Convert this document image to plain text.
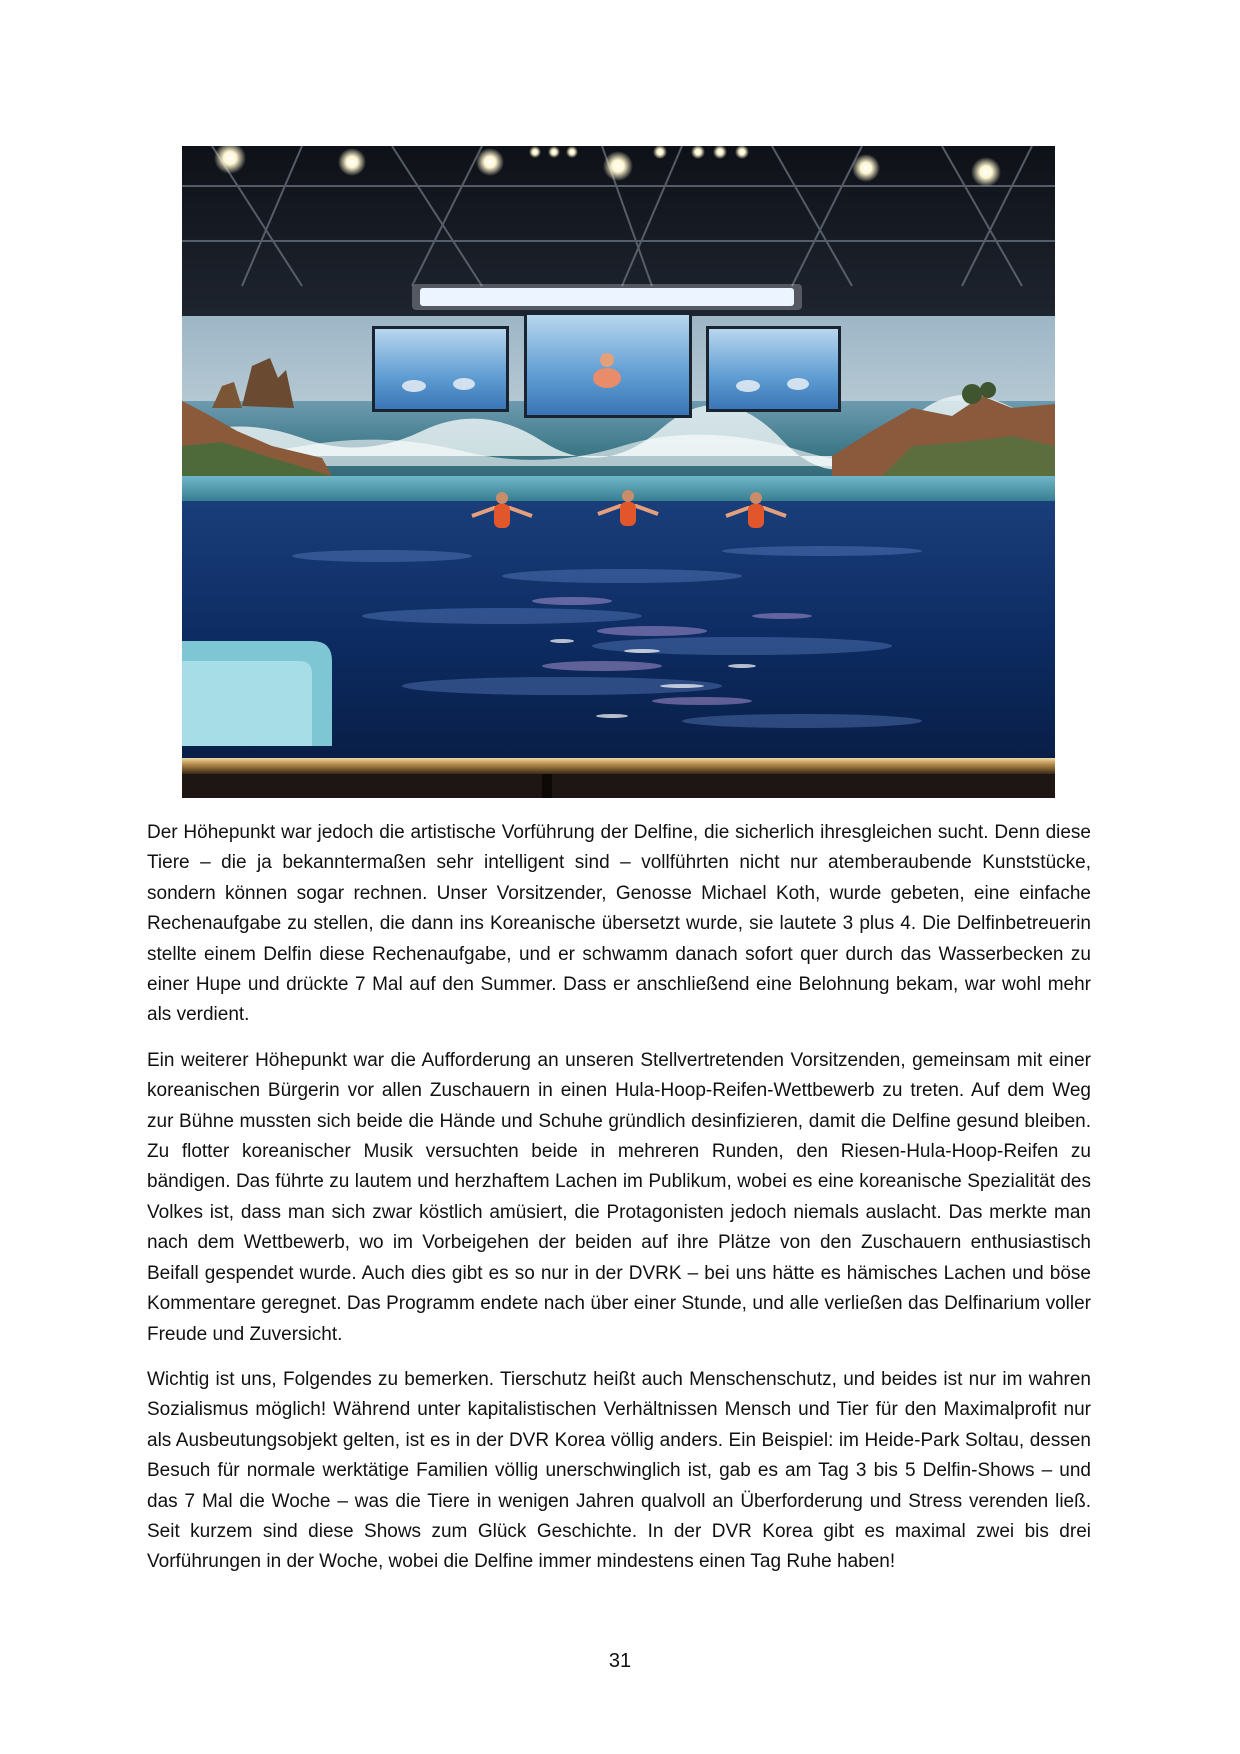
Der Höhepunkt war jedoch die artistische Vorführung der Delfine, die sicherlich ihresgleichen sucht. Denn diese Tiere – die ja bekanntermaßen sehr intelligent sind – vollführten nicht nur atemberaubende Kunststücke, sondern können sogar rechnen. Unser Vorsitzender, Genosse Michael Koth, wurde gebeten, eine einfache Rechenaufgabe zu stellen, die dann ins Koreanische übersetzt wurde, sie lautete 3 plus 4. Die Delfinbetreuerin stellte einem Delfin diese Rechenaufgabe, und er schwamm danach sofort quer durch das Wasserbecken zu einer Hupe und drückte 7 Mal auf den Summer. Dass er anschließend eine Belohnung bekam, war wohl mehr als verdient.

Ein weiterer Höhepunkt war die Aufforderung an unseren Stellvertretenden Vorsitzenden, gemeinsam mit einer koreanischen Bürgerin vor allen Zuschauern in einen Hula-Hoop-Reifen-Wettbewerb zu treten. Auf dem Weg zur Bühne mussten sich beide die Hände und Schuhe gründlich desinfizieren, damit die Delfine gesund bleiben. Zu flotter koreanischer Musik versuchten beide in mehreren Runden, den Riesen-Hula-Hoop-Reifen zu bändigen. Das führte zu lautem und herzhaftem Lachen im Publikum, wobei es eine koreanische Spezialität des Volkes ist, dass man sich zwar köstlich amüsiert, die Protagonisten jedoch niemals auslacht. Das merkte man nach dem Wettbewerb, wo im Vorbeigehen der beiden auf ihre Plätze von den Zuschauern enthusiastisch Beifall gespendet wurde. Auch dies gibt es so nur in der DVRK – bei uns hätte es hämisches Lachen und böse Kommentare geregnet. Das Programm endete nach über einer Stunde, und alle verließen das Delfinarium voller Freude und Zuversicht.

Wichtig ist uns, Folgendes zu bemerken. Tierschutz heißt auch Menschenschutz, und beides ist nur im wahren Sozialismus möglich! Während unter kapitalistischen Verhältnissen Mensch und Tier für den Maximalprofit nur als Ausbeutungsobjekt gelten, ist es in der DVR Korea völlig anders. Ein Beispiel: im Heide-Park Soltau, dessen Besuch für normale werktätige Familien völlig unerschwinglich ist, gab es am Tag 3 bis 5 Delfin-Shows – und das 7 Mal die Woche – was die Tiere in wenigen Jahren qualvoll an Überforderung und Stress verenden ließ. Seit kurzem sind diese Shows zum Glück Geschichte. In der DVR Korea gibt es maximal zwei bis drei Vorführungen in der Woche, wobei die Delfine immer mindestens einen Tag Ruhe haben!

31
